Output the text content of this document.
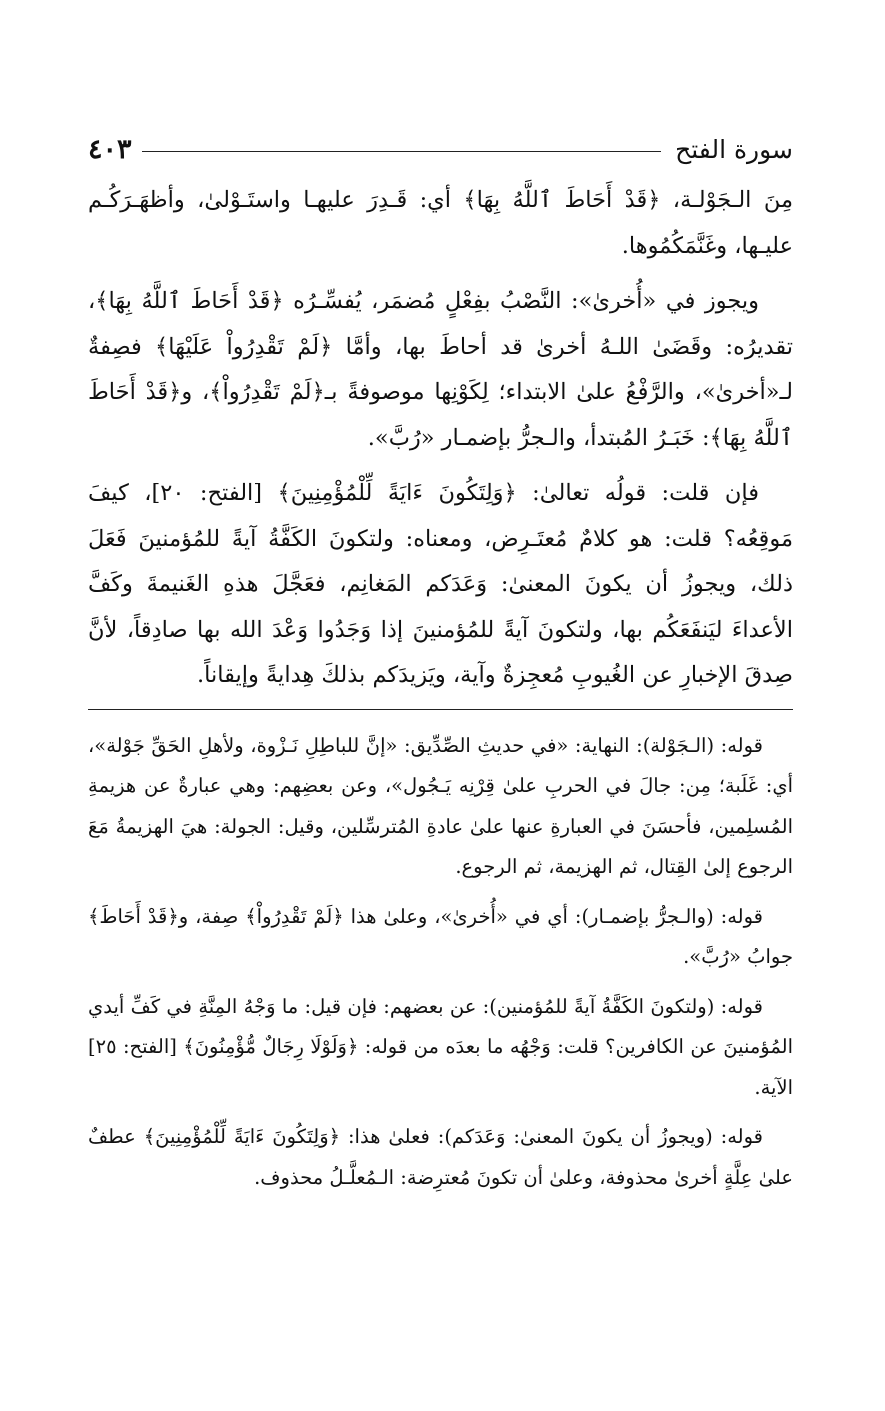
سورة الفتح
٤٠٣

مِنَ الـجَوْلـة، ﴿قَدْ أَحَاطَ ٱللَّهُ بِهَا﴾ أي: قَـدِرَ عليهـا واستَـوْلىٰ، وأظهَـرَكُـم عليـها، وغَنَّمَكُمُوها.

ويجوز في «أُخرىٰ»: النَّصْبُ بفِعْلٍ مُضمَر، يُفسِّـرُه ﴿قَدْ أَحَاطَ ٱللَّهُ بِهَا﴾، تقديرُه: وقَضَىٰ اللـهُ أخرىٰ قد أحاطَ بها، وأمَّا ﴿لَمْ تَقْدِرُواْ عَلَيْهَا﴾ فصِفةٌ لـ«أخرىٰ»، والرَّفْعُ علىٰ الابتداء؛ لِكَوْنِها موصوفةً بـ﴿لَمْ تَقْدِرُواْ﴾، و﴿قَدْ أَحَاطَ ٱللَّهُ بِهَا﴾: خَبَـرُ المُبتدأ، والـجرُّ بإضمـار «رُبَّ».

فإن قلت: قولُه تعالىٰ: ﴿وَلِتَكُونَ ءَايَةً لِّلْمُؤْمِنِينَ﴾ [الفتح: ٢٠]، كيفَ مَوقِعُه؟ قلت: هو كلامٌ مُعتَـرِض، ومعناه: ولتكونَ الكَفَّةُ آيةً للمُؤمنينَ فَعَلَ ذلك، ويجوزُ أن يكونَ المعنىٰ: وَعَدَكم المَغانِم، فعَجَّلَ هذهِ الغَنيمةَ وكَفَّ الأعداءَ ليَنفَعَكُم بها، ولتكونَ آيةً للمُؤمنينَ إذا وَجَدُوا وَعْدَ الله بها صادِقاً، لأنَّ صِدقَ الإخبارِ عن الغُيوبِ مُعجِزةٌ وآية، ويَزيدَكم بذلكَ هِدايةً وإيقاناً.

قوله: (الـجَوْلة): النهاية: «في حديثِ الصِّدِّيق: «إنَّ للباطِلِ نَـزْوة، ولأهلِ الحَقِّ جَوْلة»، أي: غَلَبة؛ مِن: جالَ في الحربِ علىٰ قِرْنِه يَـجُول»، وعن بعضِهم: وهي عبارةٌ عن هزيمةِ المُسلِمين، فأحسَنَ في العبارةِ عنها علىٰ عادةِ المُترسِّلين، وقيل: الجولة: هيَ الهزيمةُ مَعَ الرجوع إلىٰ القِتال، ثم الهزيمة، ثم الرجوع.

قوله: (والـجرُّ بإضمـار): أي في «أُخرىٰ»، وعلىٰ هذا ﴿لَمْ تَقْدِرُواْ﴾ صِفة، و﴿قَدْ أَحَاطَ﴾ جوابُ «رُبَّ».

قوله: (ولتكونَ الكَفَّةُ آيةً للمُؤمنين): عن بعضهم: فإن قيل: ما وَجْهُ المِنَّةِ في كَفِّ أيدي المُؤمنينَ عن الكافرين؟ قلت: وَجْهُه ما بعدَه من قوله: ﴿وَلَوْلَا رِجَالٌ مُّؤْمِنُونَ﴾ [الفتح: ٢٥] الآية.

قوله: (ويجوزُ أن يكونَ المعنىٰ: وَعَدَكم): فعلىٰ هذا: ﴿وَلِتَكُونَ ءَايَةً لِّلْمُؤْمِنِينَ﴾ عطفٌ علىٰ عِلَّةٍ أخرىٰ محذوفة، وعلىٰ أن تكونَ مُعترِضة: الـمُعلَّـلُ محذوف.
